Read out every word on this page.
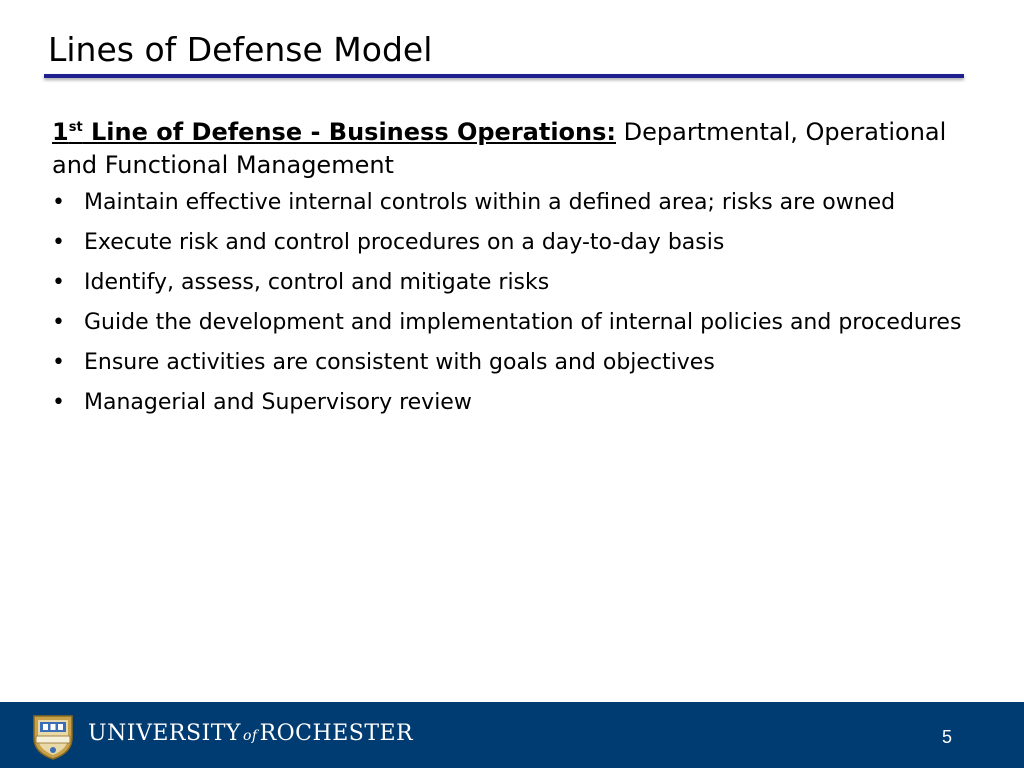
Lines of Defense Model
1st Line of Defense - Business Operations: Departmental, Operational and Functional Management
• Maintain effective internal controls within a defined area; risks are owned
• Execute risk and control procedures on a day-to-day basis
• Identify, assess, control and mitigate risks
• Guide the development and implementation of internal policies and procedures
• Ensure activities are consistent with goals and objectives
• Managerial and Supervisory review
UNIVERSITY ofROCHESTER	5
